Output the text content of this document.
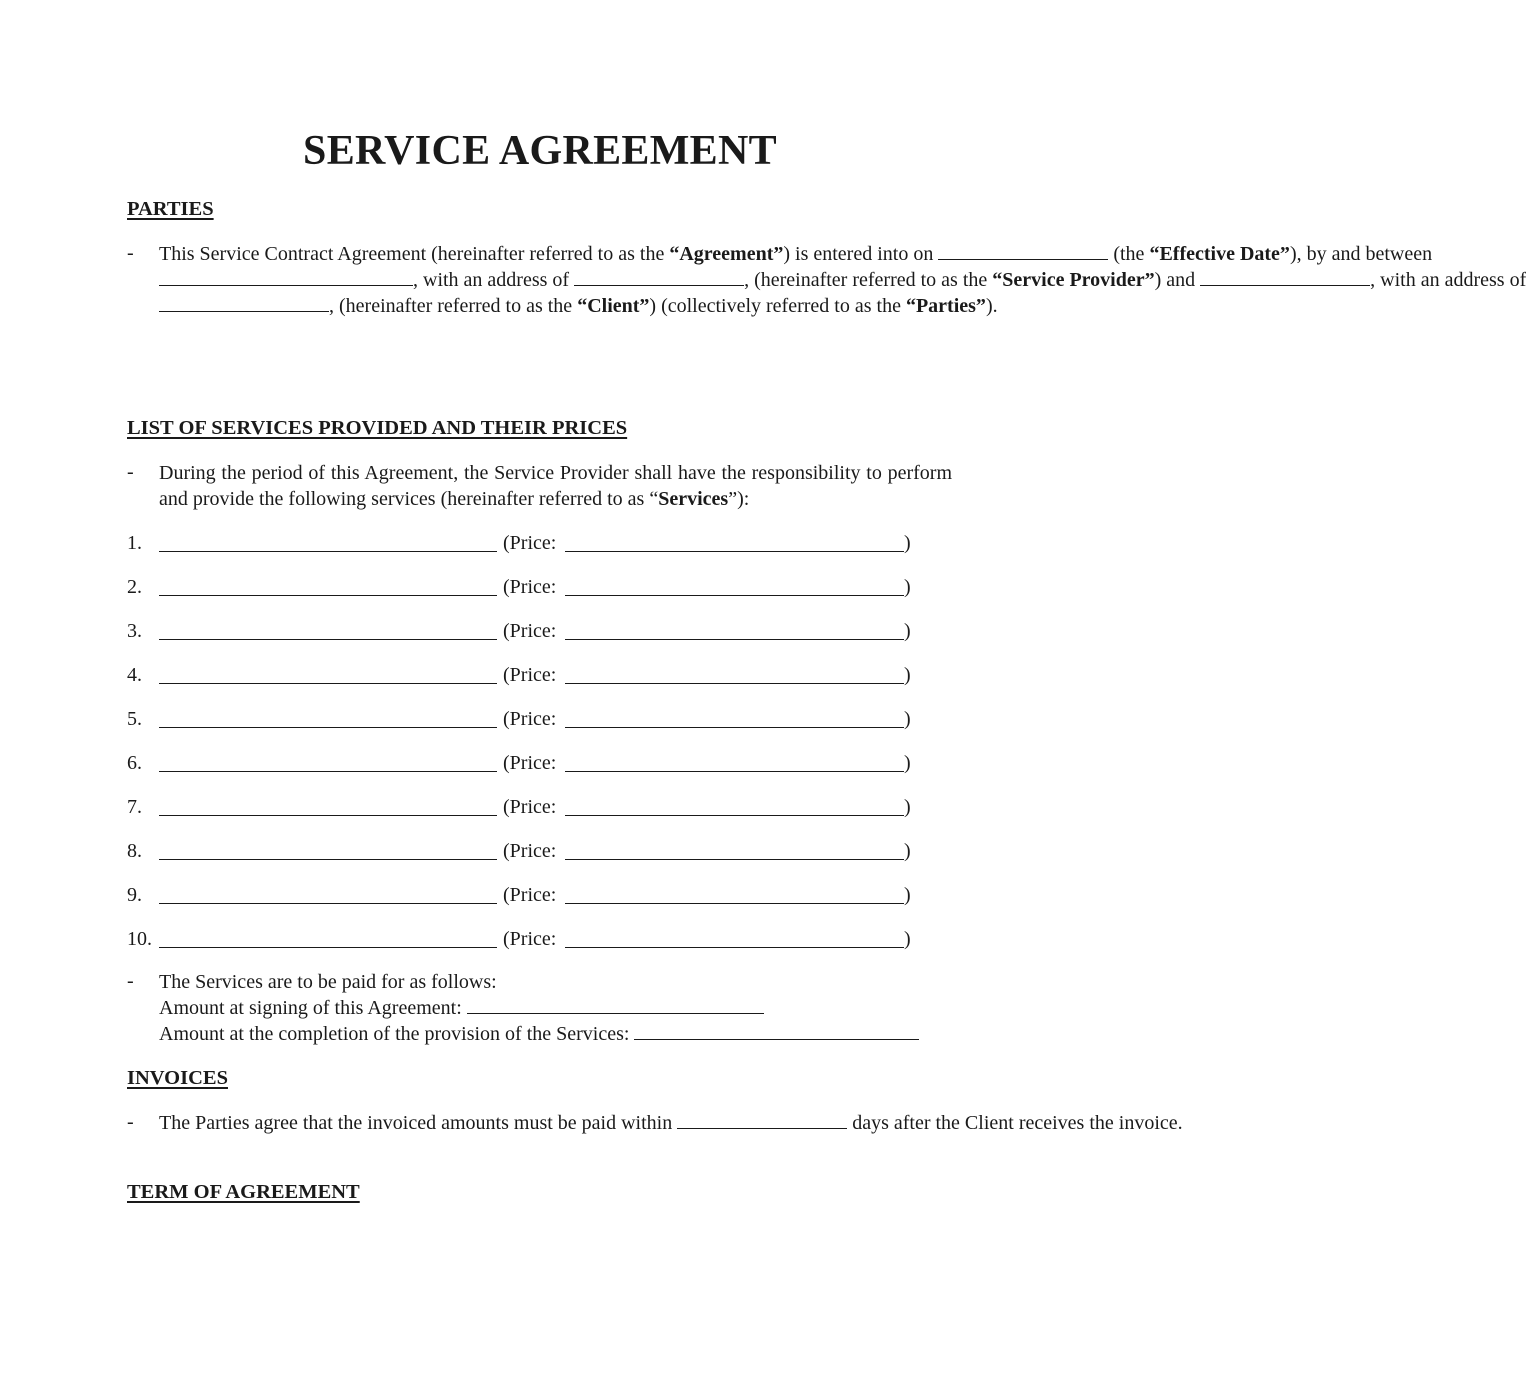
SERVICE AGREEMENT
PARTIES
- This Service Contract Agreement (hereinafter referred to as the “Agreement”) is entered into on	(the “Effective Date”), by and between
, with an address of	, (hereinafter referred to as the “Service Provider”) and	, with an address of
, (hereinafter referred to as the “Client”) (collectively referred to as the “Parties”).
LIST OF SERVICES PROVIDED AND THEIR PRICES
- During the period of this Agreement, the Service Provider shall have the responsibility to perform and provide the following services (hereinafter referred to as “Services”):
1.	(Price:	)
2.	(Price:	)
3.	(Price:	)
4.	(Price:	)
5.	(Price:	)
6.	(Price:	)
7.	(Price:	)
8.	(Price:	)
9.	(Price:	)
10.	(Price:	)
- The Services are to be paid for as follows:
Amount at signing of this Agreement:
Amount at the completion of the provision of the Services:
INVOICES
- The Parties agree that the invoiced amounts must be paid within	days after the Client receives the invoice.
TERM OF AGREEMENT
